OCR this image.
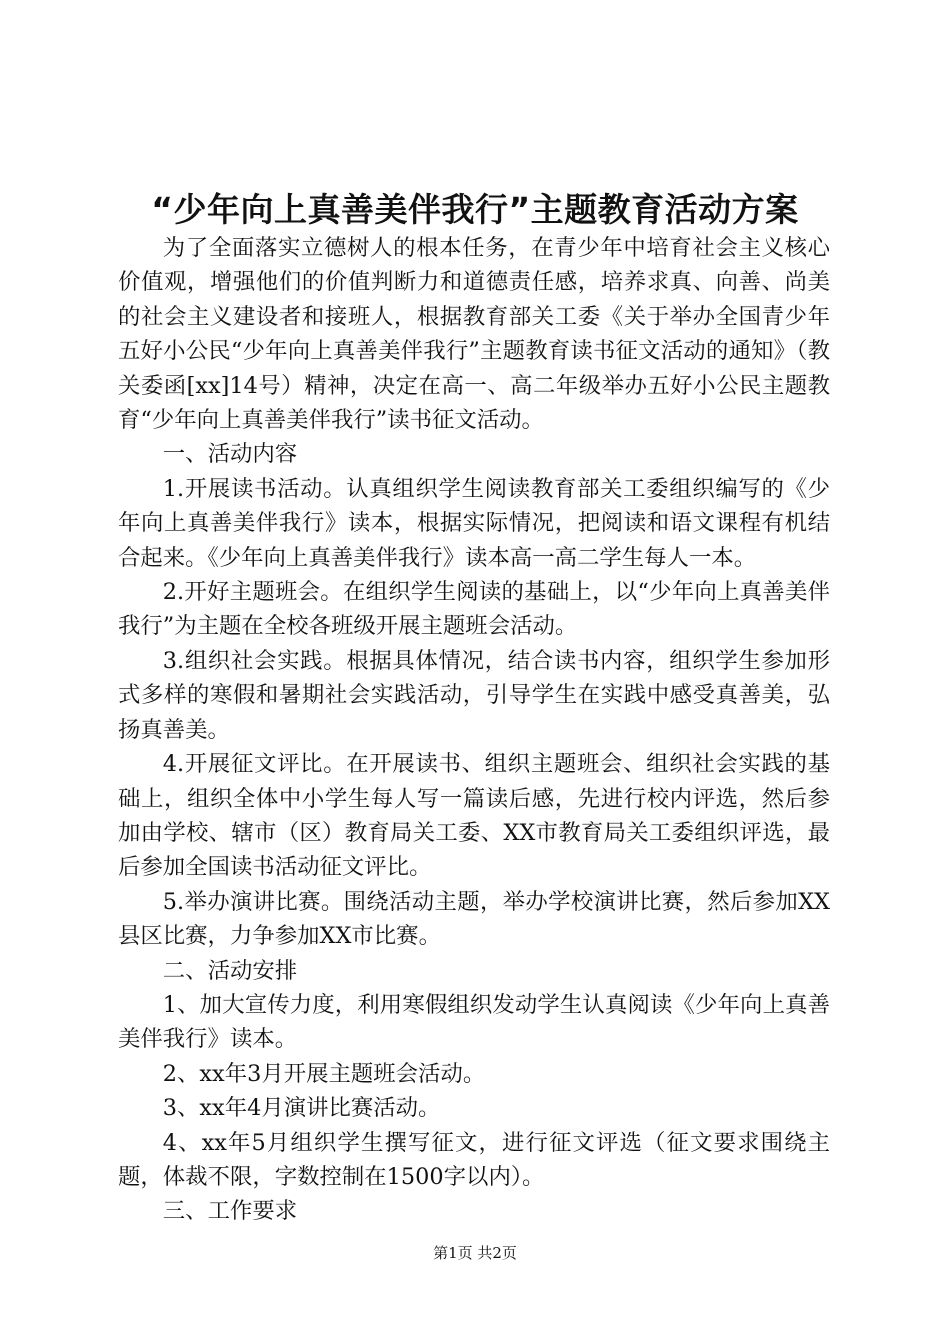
“少年向上真善美伴我行”主题教育活动方案

为了全面落实立德树人的根本任务，在青少年中培育社会主义核心价值观，增强他们的价值判断力和道德责任感，培养求真、向善、尚美的社会主义建设者和接班人，根据教育部关工委《关于举办全国青少年五好小公民“少年向上真善美伴我行”主题教育读书征文活动的通知》（教关委函[xx]14号）精神，决定在高一、高二年级举办五好小公民主题教育“少年向上真善美伴我行”读书征文活动。

一、活动内容

1.开展读书活动。认真组织学生阅读教育部关工委组织编写的《少年向上真善美伴我行》读本，根据实际情况，把阅读和语文课程有机结合起来。《少年向上真善美伴我行》读本高一高二学生每人一本。

2.开好主题班会。在组织学生阅读的基础上，以“少年向上真善美伴我行”为主题在全校各班级开展主题班会活动。

3.组织社会实践。根据具体情况，结合读书内容，组织学生参加形式多样的寒假和暑期社会实践活动，引导学生在实践中感受真善美，弘扬真善美。

4.开展征文评比。在开展读书、组织主题班会、组织社会实践的基础上，组织全体中小学生每人写一篇读后感，先进行校内评选，然后参加由学校、辖市（区）教育局关工委、XX市教育局关工委组织评选，最后参加全国读书活动征文评比。

5.举办演讲比赛。围绕活动主题，举办学校演讲比赛，然后参加XX县区比赛，力争参加XX市比赛。

二、活动安排

1、加大宣传力度，利用寒假组织发动学生认真阅读《少年向上真善美伴我行》读本。

2、xx年3月开展主题班会活动。

3、xx年4月演讲比赛活动。

4、xx年5月组织学生撰写征文，进行征文评选（征文要求围绕主题，体裁不限，字数控制在1500字以内）。

三、工作要求

第1页 共2页
